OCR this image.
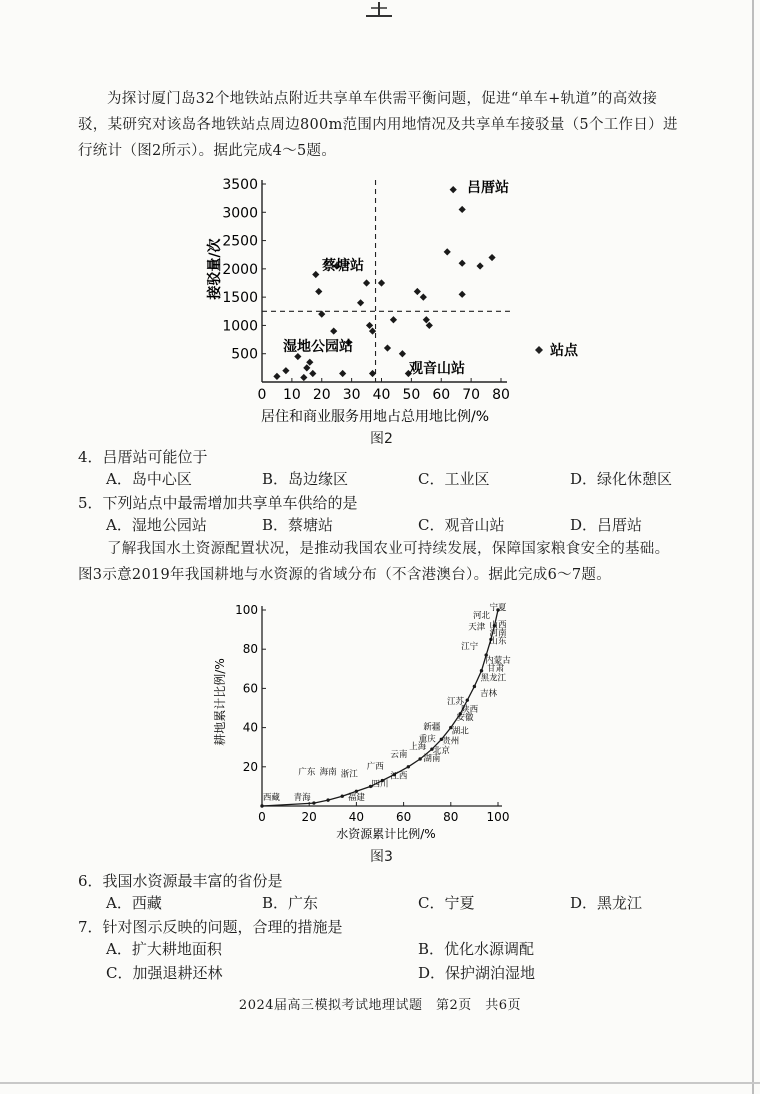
为探讨厦门岛32个地铁站点附近共享单车供需平衡问题，促进“单车+轨道”的高效接驳，某研究对该岛各地铁站点周边800m范围内用地情况及共享单车接驳量（5个工作日）进行统计（图2所示）。据此完成4～5题。

0 10 20 30 40 50 60 70 80
500
1000
1500
2000
2500
3000
3500
接驳量/次
居住和商业服务用地占总用地比例/%
吕厝站
蔡塘站
湿地公园站
观音山站
站点
图2
4．吕厝站可能位于
A．岛中心区	B．岛边缘区	C．工业区	D．绿化休憩区
5．下列站点中最需增加共享单车供给的是
A．湿地公园站	B．蔡塘站	C．观音山站	D．吕厝站

了解我国水土资源配置状况，是推动我国农业可持续发展，保障国家粮食安全的基础。图3示意2019年我国耕地与水资源的省域分布（不含港澳台）。据此完成6～7题。

0	20	40	60	80 100
20
40
60
80
100	宁夏
河北
山西
天津
河南
山东
江宁
内蒙古
甘肃
黑龙江
吉林
江苏
陕西
安徽
新疆 湖北
重庆 贵州
上海 北京
云南 湖南
广西
广东 海南 浙江	江西
四川
西藏 青海	福建
耕地累计比例/%
水资源累计比例/%
图3
6．我国水资源最丰富的省份是
A．西藏	B．广东	C．宁夏	D．黑龙江
7．针对图示反映的问题，合理的措施是
A．扩大耕地面积	B．优化水源调配
C．加强退耕还林	D．保护湖泊湿地
2024届高三模拟考试地理试题　第2页　共6页
